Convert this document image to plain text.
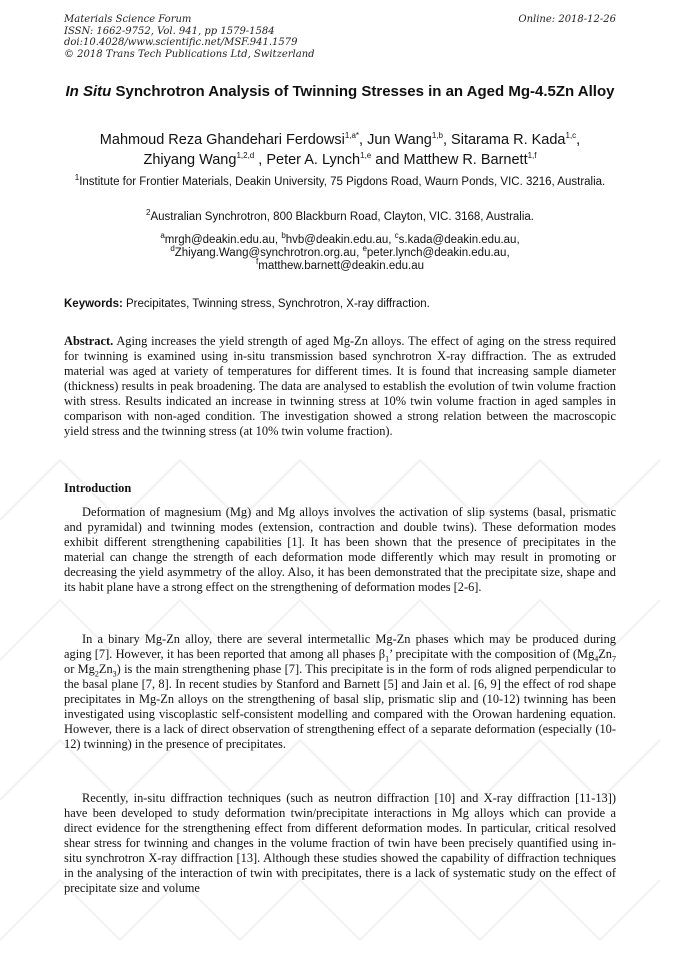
Materials Science Forum
ISSN: 1662-9752, Vol. 941, pp 1579-1584
doi:10.4028/www.scientific.net/MSF.941.1579
© 2018 Trans Tech Publications Ltd, Switzerland
Online: 2018-12-26
In Situ Synchrotron Analysis of Twinning Stresses in an Aged Mg-4.5Zn Alloy
Mahmoud Reza Ghandehari Ferdowsi$^{1,a*}$, Jun Wang$^{1,b}$, Sitarama R. Kada$^{1,c}$,
Zhiyang Wang$^{1,2,d}$ , Peter A. Lynch$^{1,e}$ and Matthew R. Barnett$^{1,f}$
$^1$Institute for Frontier Materials, Deakin University, 75 Pigdons Road, Waurn Ponds, VIC. 3216, Australia.
$^2$Australian Synchrotron, 800 Blackburn Road, Clayton, VIC. 3168, Australia.
$^a$mrgh@deakin.edu.au, $^b$hvb@deakin.edu.au, $^c$s.kada@deakin.edu.au,
$^d$Zhiyang.Wang@synchrotron.org.au, $^e$peter.lynch@deakin.edu.au,
$^f$matthew.barnett@deakin.edu.au
Keywords: Precipitates, Twinning stress, Synchrotron, X-ray diffraction.

Abstract. Aging increases the yield strength of aged Mg-Zn alloys. The effect of aging on the stress required for twinning is examined using in-situ transmission based synchrotron X-ray diffraction. The as extruded material was aged at variety of temperatures for different times. It is found that increasing sample diameter (thickness) results in peak broadening. The data are analysed to establish the evolution of twin volume fraction with stress. Results indicated an increase in twinning stress at 10% twin volume fraction in aged samples in comparison with non-aged condition. The investigation showed a strong relation between the macroscopic yield stress and the twinning stress (at 10% twin volume fraction).

Introduction

Deformation of magnesium (Mg) and Mg alloys involves the activation of slip systems (basal, prismatic and pyramidal) and twinning modes (extension, contraction and double twins). These deformation modes exhibit different strengthening capabilities [1]. It has been shown that the presence of precipitates in the material can change the strength of each deformation mode differently which may result in promoting or decreasing the yield asymmetry of the alloy. Also, it has been demonstrated that the precipitate size, shape and its habit plane have a strong effect on the strengthening of deformation modes [2-6].

In a binary Mg-Zn alloy, there are several intermetallic Mg-Zn phases which may be produced during aging [7]. However, it has been reported that among all phases $\beta_1$’ precipitate with the composition of ($Mg_4Zn_7$ or $Mg_2Zn_3$) is the main strengthening phase [7]. This precipitate is in the form of rods aligned perpendicular to the basal plane [7, 8]. In recent studies by Stanford and Barnett [5] and Jain et al. [6, 9] the effect of rod shape precipitates in Mg-Zn alloys on the strengthening of basal slip, prismatic slip and (10-12) twinning has been investigated using viscoplastic self-consistent modelling and compared with the Orowan hardening equation. However, there is a lack of direct observation of strengthening effect of a separate deformation (especially (10-12) twinning) in the presence of precipitates.

Recently, in-situ diffraction techniques (such as neutron diffraction [10] and X-ray diffraction [11-13]) have been developed to study deformation twin/precipitate interactions in Mg alloys which can provide a direct evidence for the strengthening effect from different deformation modes. In particular, critical resolved shear stress for twinning and changes in the volume fraction of twin have been precisely quantified using in-situ synchrotron X-ray diffraction [13]. Although these studies showed the capability of diffraction techniques in the analysing of the interaction of twin with precipitates, there is a lack of systematic study on the effect of precipitate size and volume
